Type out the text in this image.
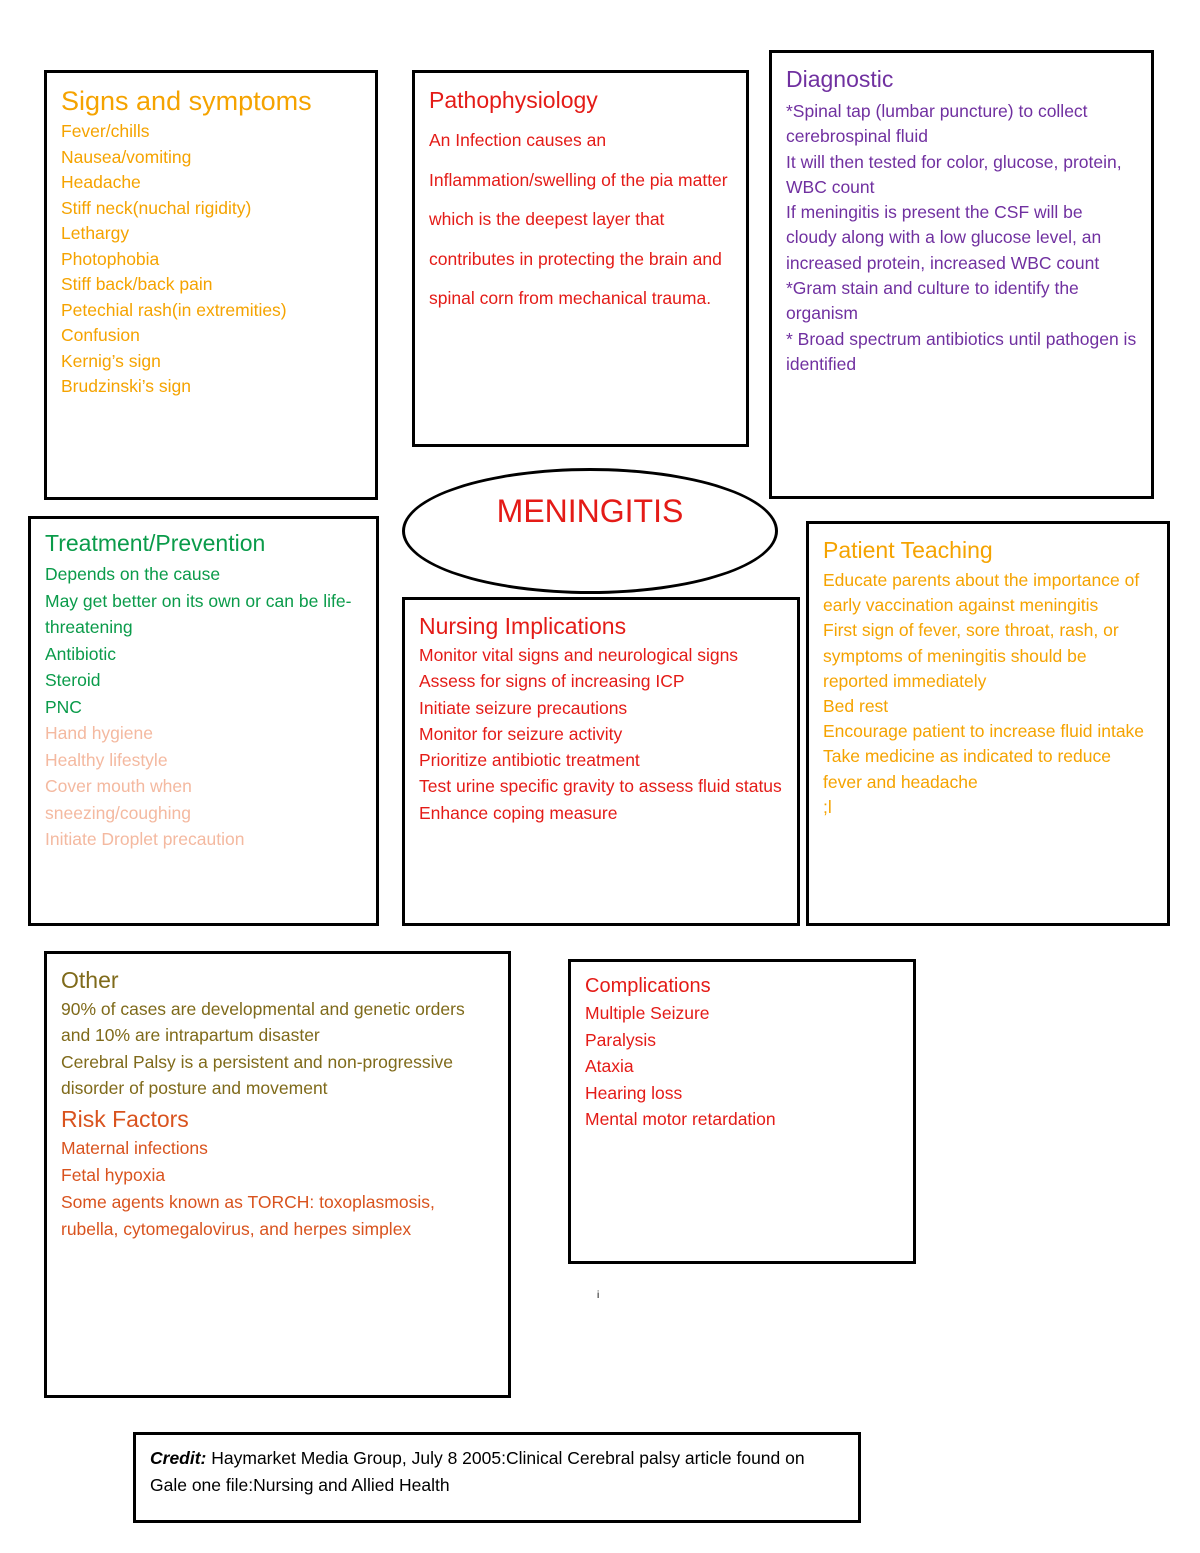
Signs and symptoms
Fever/chills
Nausea/vomiting
Headache
Stiff neck(nuchal rigidity)
Lethargy
Photophobia
Stiff back/back pain
Petechial rash(in extremities)
Confusion
Kernig’s sign
Brudzinski’s sign
Pathophysiology

An Infection causes an Inflammation/swelling of the pia matter which is the deepest layer that contributes in protecting the brain and spinal corn from mechanical trauma.

Diagnostic
*Spinal tap (lumbar puncture) to collect cerebrospinal fluid
It will then tested for color, glucose, protein, WBC count
If meningitis is present the CSF will be cloudy along with a low glucose level, an increased protein, increased WBC count
*Gram stain and culture to identify the organism
* Broad spectrum antibiotics until pathogen is identified
MENINGITIS
Treatment/Prevention
Depends on the cause
May get better on its own or can be life-threatening
Antibiotic
Steroid
PNC
Hand hygiene
Healthy lifestyle
Cover mouth when sneezing/coughing
Initiate Droplet precaution
Nursing Implications
Monitor vital signs and neurological signs
Assess for signs of increasing ICP
Initiate seizure precautions
Monitor for seizure activity
Prioritize antibiotic treatment
Test urine specific gravity to assess fluid status
Enhance coping measure
Patient Teaching
Educate parents about the importance of early vaccination against meningitis
First sign of fever, sore throat, rash, or symptoms of meningitis should be reported immediately
Bed rest
Encourage patient to increase fluid intake
Take medicine as indicated to reduce fever and headache
;l
Other
90% of cases are developmental and genetic orders and 10% are intrapartum disaster
Cerebral Palsy is a persistent and non-progressive disorder of posture and movement
Risk Factors
Maternal infections
Fetal hypoxia
Some agents known as TORCH: toxoplasmosis, rubella, cytomegalovirus, and herpes simplex
Complications
Multiple Seizure
Paralysis
Ataxia
Hearing loss
Mental motor retardation
i

Credit: Haymarket Media Group, July 8 2005:Clinical Cerebral palsy article found on Gale one file:Nursing and Allied Health
